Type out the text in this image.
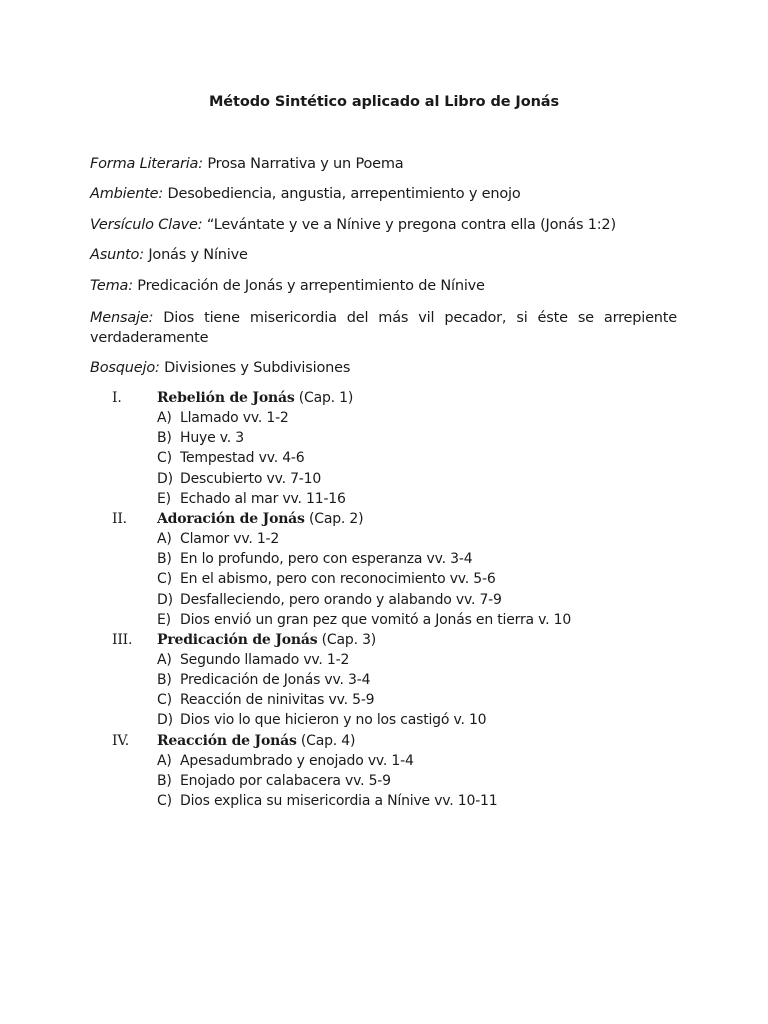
Método Sintético aplicado al Libro de Jonás
Forma Literaria: Prosa Narrativa y un Poema
Ambiente: Desobediencia, angustia, arrepentimiento y enojo
Versículo Clave: “Levántate y ve a Nínive y pregona contra ella (Jonás 1:2)
Asunto: Jonás y Nínive
Tema: Predicación de Jonás y arrepentimiento de Nínive
Mensaje: Dios tiene misericordia del más vil pecador, si éste se arrepiente verdaderamente
Bosquejo: Divisiones y Subdivisiones
I.	Rebelión de Jonás (Cap. 1)
A) Llamado vv. 1-2
B) Huye v. 3
C) Tempestad vv. 4-6
D) Descubierto vv. 7-10
E) Echado al mar vv. 11-16
II. Adoración de Jonás (Cap. 2)
A) Clamor vv. 1-2
B) En lo profundo, pero con esperanza vv. 3-4
C) En el abismo, pero con reconocimiento vv. 5-6
D) Desfalleciendo, pero orando y alabando vv. 7-9
E) Dios envió un gran pez que vomitó a Jonás en tierra v. 10
III. Predicación de Jonás (Cap. 3)
A) Segundo llamado vv. 1-2
B) Predicación de Jonás vv. 3-4
C) Reacción de ninivitas vv. 5-9
D) Dios vio lo que hicieron y no los castigó v. 10
IV. Reacción de Jonás (Cap. 4)
A) Apesadumbrado y enojado vv. 1-4
B) Enojado por calabacera vv. 5-9
C) Dios explica su misericordia a Nínive vv. 10-11
